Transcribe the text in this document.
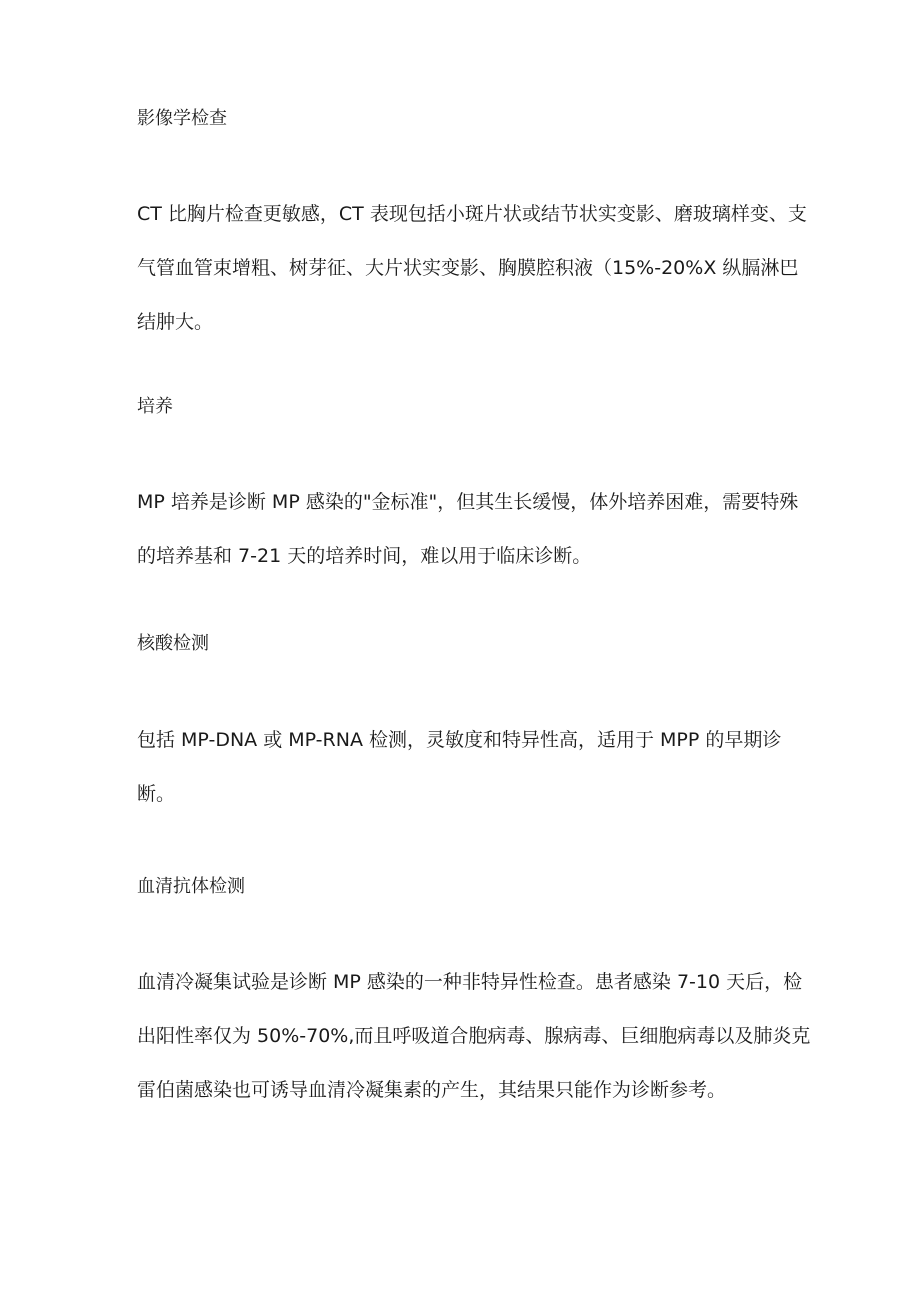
影像学检查

CT 比胸片检查更敏感，CT 表现包括小斑片状或结节状实变影、磨玻璃样变、支
气管血管束增粗、树芽征、大片状实变影、胸膜腔积液（15%-20%X 纵膈淋巴
结肿大。

培养

MP 培养是诊断 MP 感染的"金标准"，但其生长缓慢，体外培养困难，需要特殊
的培养基和 7-21 天的培养时间，难以用于临床诊断。

核酸检测

包括 MP-DNA 或 MP-RNA 检测，灵敏度和特异性高，适用于 MPP 的早期诊
断。

血清抗体检测

血清冷凝集试验是诊断 MP 感染的一种非特异性检查。患者感染 7-10 天后，检
出阳性率仅为 50%-70%,而且呼吸道合胞病毒、腺病毒、巨细胞病毒以及肺炎克
雷伯菌感染也可诱导血清冷凝集素的产生，其结果只能作为诊断参考。
